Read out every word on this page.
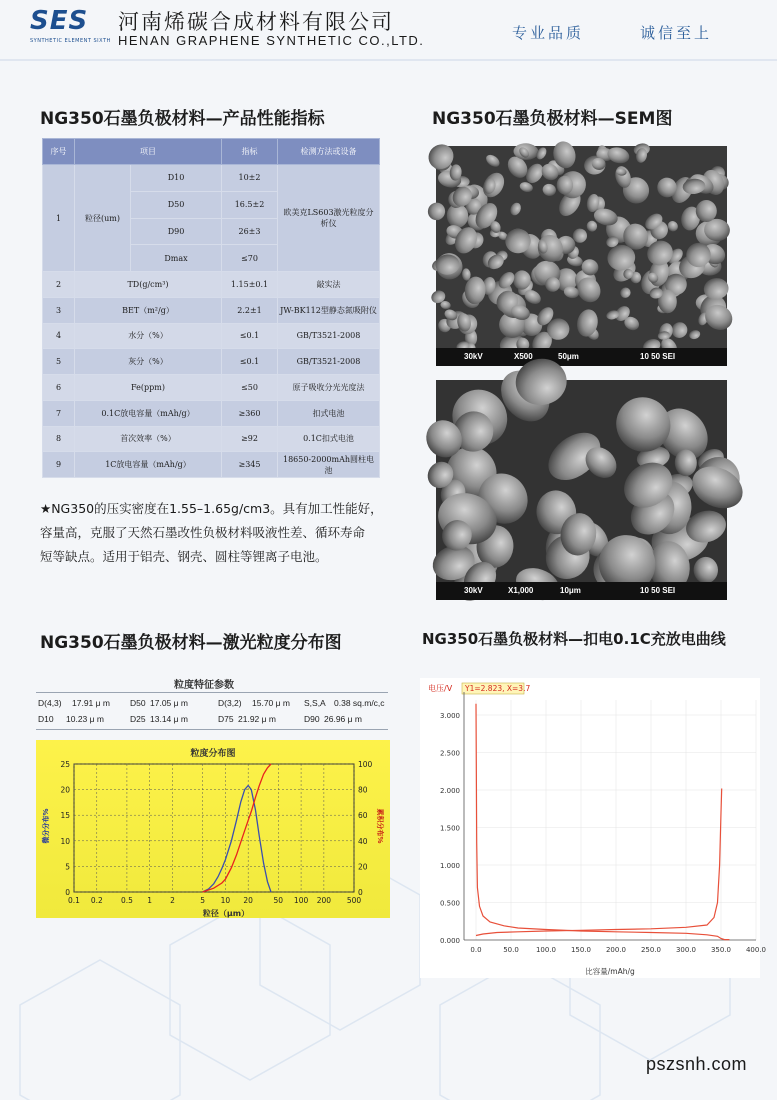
SES
SYNTHETIC ELEMENT SIXTH
河南烯碳合成材料有限公司
HENAN GRAPHENE SYNTHETIC CO.,LTD.	专业品质	诚信至上
NG350石墨负极材料—产品性能指标	NG350石墨负极材料—SEM图
NG350石墨负极材料—激光粒度分布图	NG350石墨负极材料—扣电0.1C充放电曲线
序号	项目		指标	检测方法或设备
1	粒径(um)	D10	10±2	欧美克LS603激光粒度分析仪
		D50	16.5±2	
		D90	26±3	
		Dmax	≤70	
2	TD(g/cm³)		1.15±0.1	敲实法
3	BET（m²/g）		2.2±1	JW-BK112型静态氮吸附仪
4	水分（%）		≤0.1	GB/T3521-2008
5	灰分（%）		≤0.1	GB/T3521-2008
6	Fe(ppm)		≤50	原子吸收分光光度法
7	0.1C放电容量（mAh/g）		≥360	扣式电池
8	首次效率（%）		≥92	0.1C扣式电池
9	1C放电容量（mAh/g）		≥345	18650-2000mAh圆柱电池
★NG350的压实密度在1.55–1.65g/cm3。具有加工性能好，
容量高，克服了天然石墨改性负极材料吸液性差、循环寿命
短等缺点。适用于铝壳、钢壳、圆柱等锂离子电池。
30kV	X500	50μm	10 50 SEI
30kV	X1,000	10μm	10 50 SEI
粒度特征参数
D(4,3) 17.91 μ m D50 17.05 μ m	D(3,2) 15.70 μ m S,S,A 0.38 sq.m/c,c
D10 10.23 μ m	D25 13.14 μ m	D75 21.92 μ m	D90 26.96 μ m
粒度分布图
粒径（μm）
微分分布%	累积分布%
0.1 0.2 0.5 1 2	5 10 20	50 100 200 500
0
5
10
15
20
25
0
20
40
60
80
100
电压/V Y1=2.823, X=3.7
比容量/mAh/g
0.0	50.0 100.0 150.0 200.0 250.0 300.0 350.0 400.0
0.000
0.500
1.000
1.500
2.000
2.500
3.000
pszsnh.com
